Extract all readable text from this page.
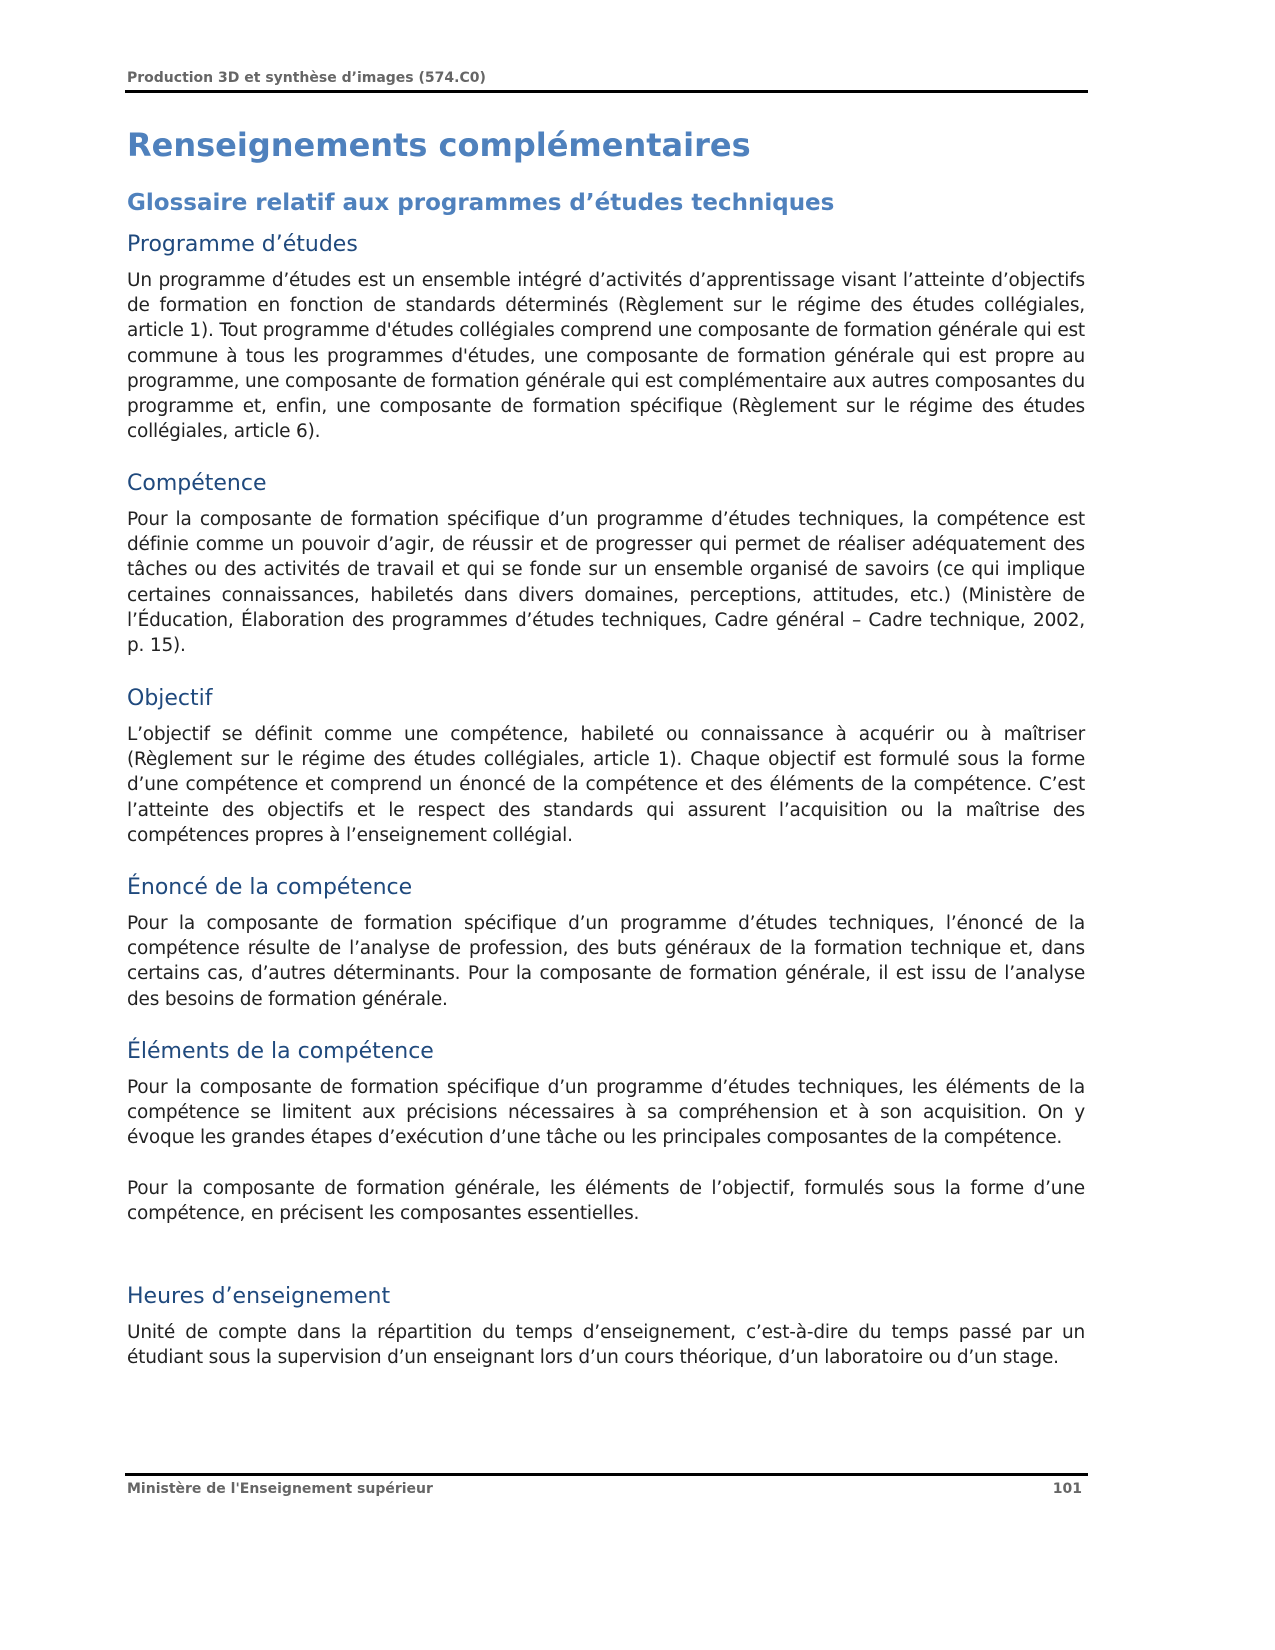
Production 3D et synthèse d’images (574.C0)
Renseignements complémentaires
Glossaire relatif aux programmes d’études techniques
Programme d’études

Un programme d’études est un ensemble intégré d’activités d’apprentissage visant l’atteinte d’objectifs de formation en fonction de standards déterminés (Règlement sur le régime des études collégiales, article 1). Tout programme d'études collégiales comprend une composante de formation générale qui est commune à tous les programmes d'études, une composante de formation générale qui est propre au programme, une composante de formation générale qui est complémentaire aux autres composantes du programme et, enfin, une composante de formation spécifique (Règlement sur le régime des études collégiales, article 6).

Compétence

Pour la composante de formation spécifique d’un programme d’études techniques, la compétence est définie comme un pouvoir d’agir, de réussir et de progresser qui permet de réaliser adéquatement des tâches ou des activités de travail et qui se fonde sur un ensemble organisé de savoirs (ce qui implique certaines connaissances, habiletés dans divers domaines, perceptions, attitudes, etc.) (Ministère de l’Éducation, Élaboration des programmes d’études techniques, Cadre général – Cadre technique, 2002, p. 15).

Objectif

L’objectif se définit comme une compétence, habileté ou connaissance à acquérir ou à maîtriser (Règlement sur le régime des études collégiales, article 1). Chaque objectif est formulé sous la forme d’une compétence et comprend un énoncé de la compétence et des éléments de la compétence. C’est l’atteinte des objectifs et le respect des standards qui assurent l’acquisition ou la maîtrise des compétences propres à l’enseignement collégial.

Énoncé de la compétence

Pour la composante de formation spécifique d’un programme d’études techniques, l’énoncé de la compétence résulte de l’analyse de profession, des buts généraux de la formation technique et, dans certains cas, d’autres déterminants. Pour la composante de formation générale, il est issu de l’analyse des besoins de formation générale.

Éléments de la compétence

Pour la composante de formation spécifique d’un programme d’études techniques, les éléments de la compétence se limitent aux précisions nécessaires à sa compréhension et à son acquisition. On y évoque les grandes étapes d’exécution d’une tâche ou les principales composantes de la compétence.

Pour la composante de formation générale, les éléments de l’objectif, formulés sous la forme d’une compétence, en précisent les composantes essentielles.

Heures d’enseignement

Unité de compte dans la répartition du temps d’enseignement, c’est-à-dire du temps passé par un étudiant sous la supervision d’un enseignant lors d’un cours théorique, d’un laboratoire ou d’un stage.

Ministère de l'Enseignement supérieur	101
